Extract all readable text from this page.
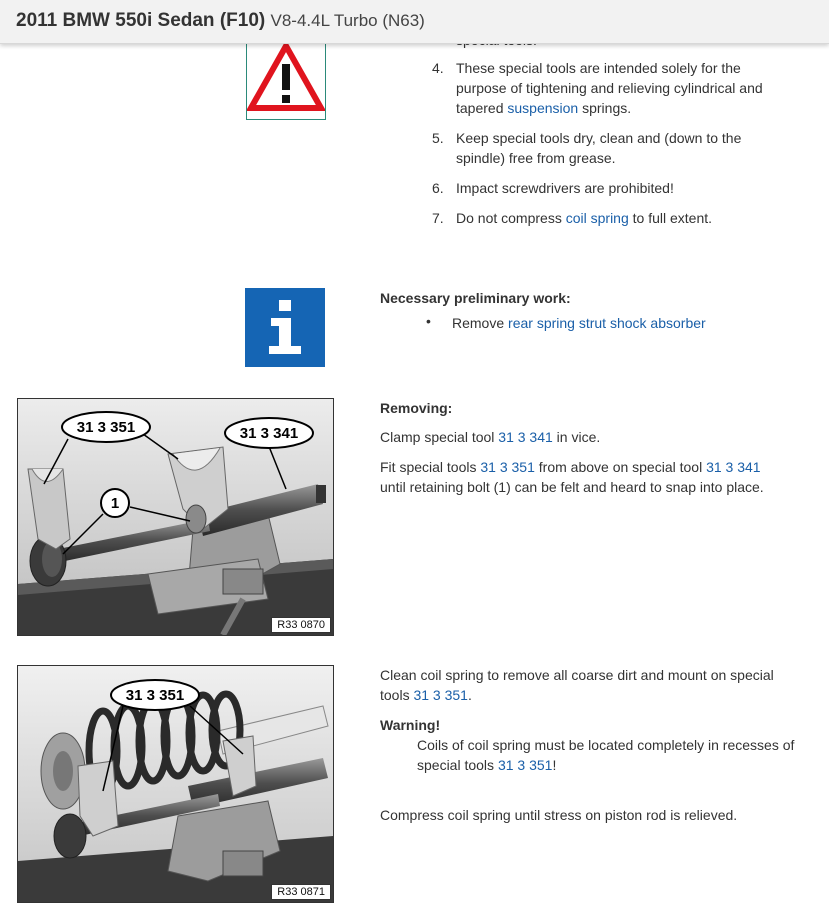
2011 BMW 550i Sedan (F10) V8-4.4L Turbo (N63)
4. These special tools are intended solely for the purpose of tightening and relieving cylindrical and tapered suspension springs.
5. Keep special tools dry, clean and (down to the spindle) free from grease.
6. Impact screwdrivers are prohibited!
7. Do not compress coil spring to full extent.
Necessary preliminary work:
• Remove rear spring strut shock absorber
31 3 351	31 3 341
1
R33 0870
Removing:
Clamp special tool 31 3 341 in vice.
Fit special tools 31 3 351 from above on special tool 31 3 341 until retaining bolt (1) can be felt and heard to snap into place.
31 3 351
R33 0871
Clean coil spring to remove all coarse dirt and mount on special tools 31 3 351.
Warning!
Coils of coil spring must be located completely in recesses of special tools 31 3 351!
Compress coil spring until stress on piston rod is relieved.
